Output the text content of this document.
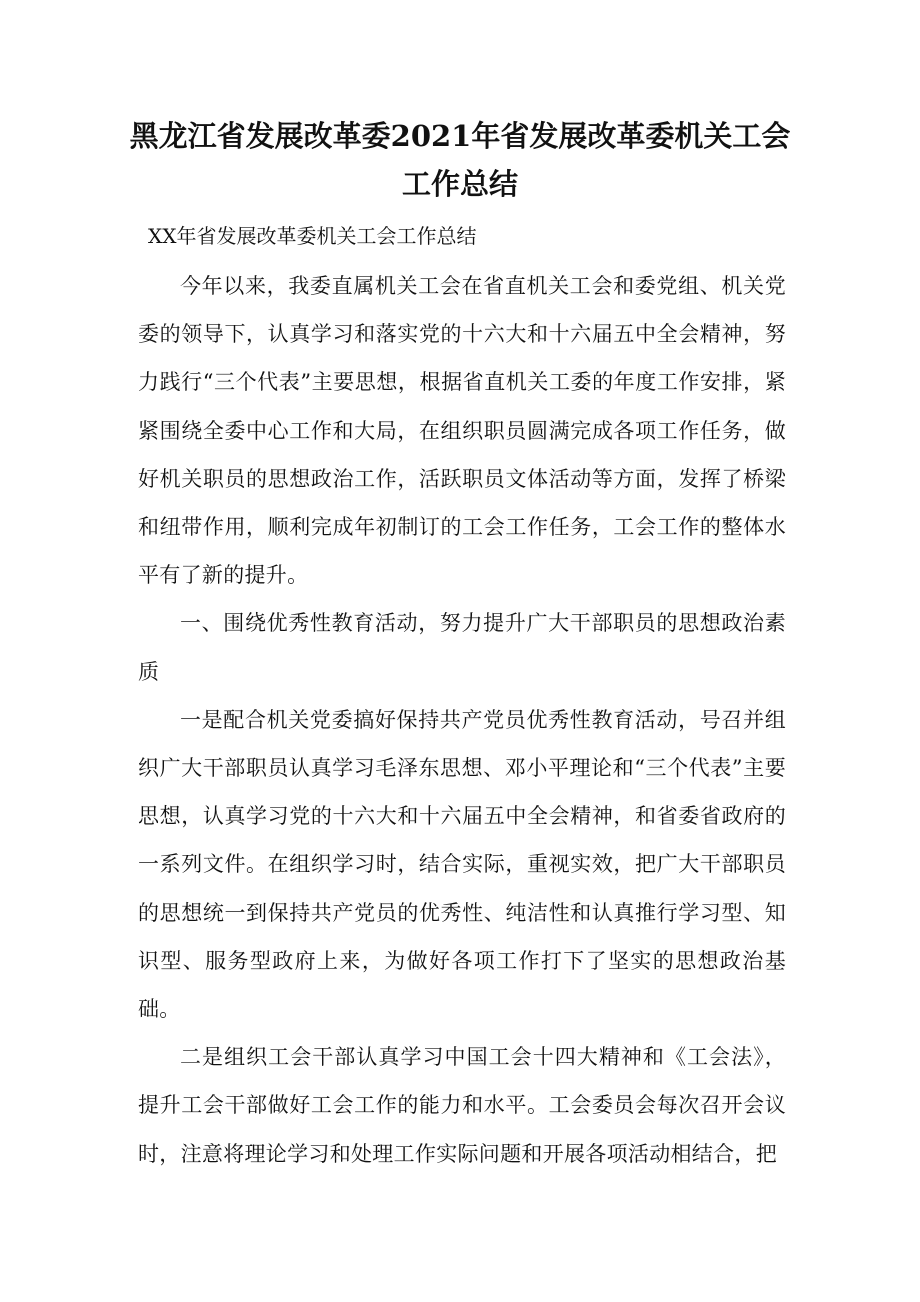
黑龙江省发展改革委2021年省发展改革委机关工会工作总结

XX年省发展改革委机关工会工作总结

今年以来，我委直属机关工会在省直机关工会和委党组、机关党委的领导下，认真学习和落实党的十六大和十六届五中全会精神，努力践行“三个代表”主要思想，根据省直机关工委的年度工作安排，紧紧围绕全委中心工作和大局，在组织职员圆满完成各项工作任务，做好机关职员的思想政治工作，活跃职员文体活动等方面，发挥了桥梁和纽带作用，顺利完成年初制订的工会工作任务，工会工作的整体水平有了新的提升。

一、围绕优秀性教育活动，努力提升广大干部职员的思想政治素质

一是配合机关党委搞好保持共产党员优秀性教育活动，号召并组织广大干部职员认真学习毛泽东思想、邓小平理论和“三个代表”主要思想，认真学习党的十六大和十六届五中全会精神，和省委省政府的一系列文件。在组织学习时，结合实际，重视实效，把广大干部职员的思想统一到保持共产党员的优秀性、纯洁性和认真推行学习型、知识型、服务型政府上来，为做好各项工作打下了坚实的思想政治基础。

二是组织工会干部认真学习中国工会十四大精神和《工会法》，提升工会干部做好工会工作的能力和水平。工会委员会每次召开会议时，注意将理论学习和处理工作实际问题和开展各项活动相结合，把
